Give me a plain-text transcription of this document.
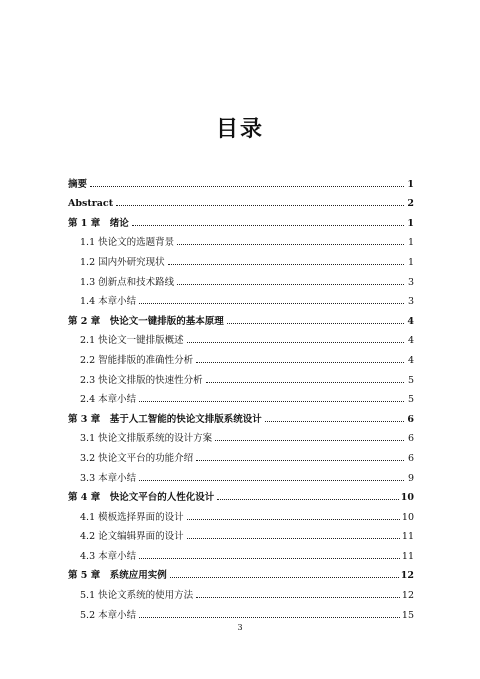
目录
摘要	1
Abstract	2
第 1 章　绪论	1
1.1 快论文的选题背景	1
1.2 国内外研究现状	1
1.3 创新点和技术路线	3
1.4 本章小结	3
第 2 章　快论文一键排版的基本原理	4
2.1 快论文一键排版概述	4
2.2 智能排版的准确性分析	4
2.3 快论文排版的快速性分析	5
2.4 本章小结	5
第 3 章　基于人工智能的快论文排版系统设计	6
3.1 快论文排版系统的设计方案	6
3.2 快论文平台的功能介绍	6
3.3 本章小结	9
第 4 章　快论文平台的人性化设计	10
4.1 模板选择界面的设计	10
4.2 论文编辑界面的设计	11
4.3 本章小结	11
第 5 章　系统应用实例	12
5.1 快论文系统的使用方法	12
5.2 本章小结	15
3
